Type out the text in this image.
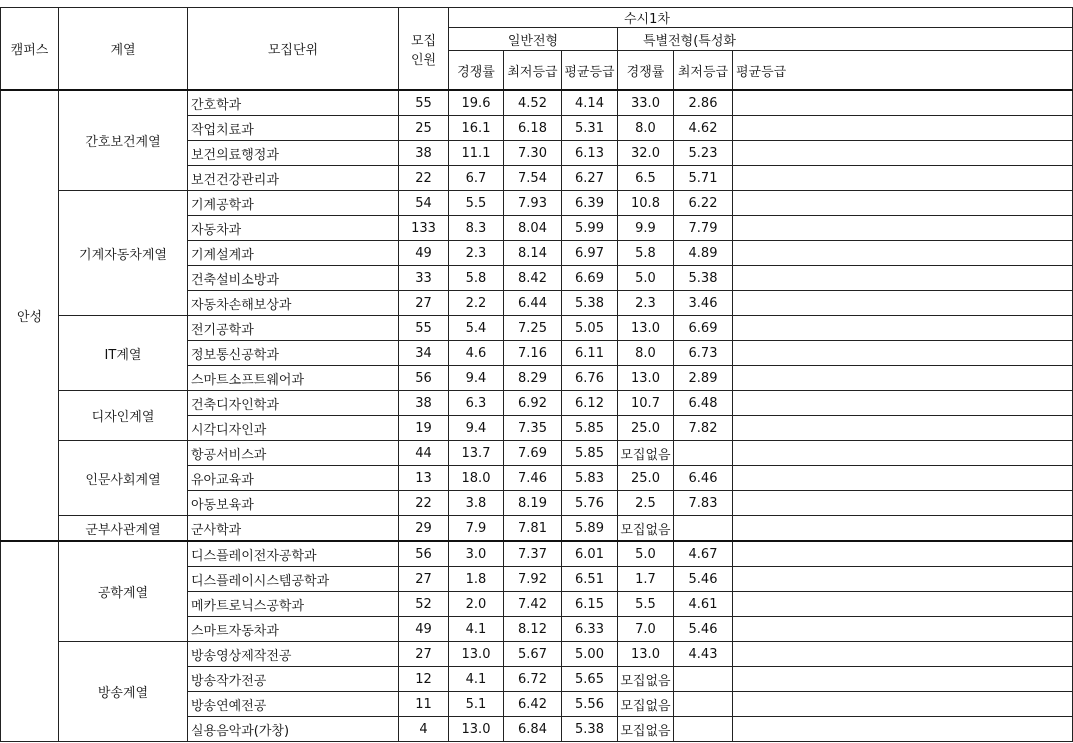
캠퍼스	계열	모집단위	모집
인원	수시1차					
				일반전형			특별전형(특성화		
				경쟁률	최저등급	평균등급	경쟁률	최저등급	평균등급
안성	간호보건계열	간호학과	55	19.6	4.52	4.14	33.0	2.86	
		작업치료과	25	16.1	6.18	5.31	8.0	4.62	
		보건의료행정과	38	11.1	7.30	6.13	32.0	5.23	
		보건건강관리과	22	6.7	7.54	6.27	6.5	5.71	
	기계자동차계열	기계공학과	54	5.5	7.93	6.39	10.8	6.22	
		자동차과	133	8.3	8.04	5.99	9.9	7.79	
		기계설계과	49	2.3	8.14	6.97	5.8	4.89	
		건축설비소방과	33	5.8	8.42	6.69	5.0	5.38	
		자동차손해보상과	27	2.2	6.44	5.38	2.3	3.46	
	IT계열	전기공학과	55	5.4	7.25	5.05	13.0	6.69	
		정보통신공학과	34	4.6	7.16	6.11	8.0	6.73	
		스마트소프트웨어과	56	9.4	8.29	6.76	13.0	2.89	
	디자인계열	건축디자인학과	38	6.3	6.92	6.12	10.7	6.48	
		시각디자인과	19	9.4	7.35	5.85	25.0	7.82	
	인문사회계열	항공서비스과	44	13.7	7.69	5.85	모집없음		
		유아교육과	13	18.0	7.46	5.83	25.0	6.46	
		아동보육과	22	3.8	8.19	5.76	2.5	7.83	
	군부사관계열	군사학과	29	7.9	7.81	5.89	모집없음		
	공학계열	디스플레이전자공학과	56	3.0	7.37	6.01	5.0	4.67	
		디스플레이시스템공학과	27	1.8	7.92	6.51	1.7	5.46	
		메카트로닉스공학과	52	2.0	7.42	6.15	5.5	4.61	
		스마트자동차과	49	4.1	8.12	6.33	7.0	5.46	
	방송계열	방송영상제작전공	27	13.0	5.67	5.00	13.0	4.43	
		방송작가전공	12	4.1	6.72	5.65	모집없음		
		방송연예전공	11	5.1	6.42	5.56	모집없음		
		실용음악과(가창)	4	13.0	6.84	5.38	모집없음		
